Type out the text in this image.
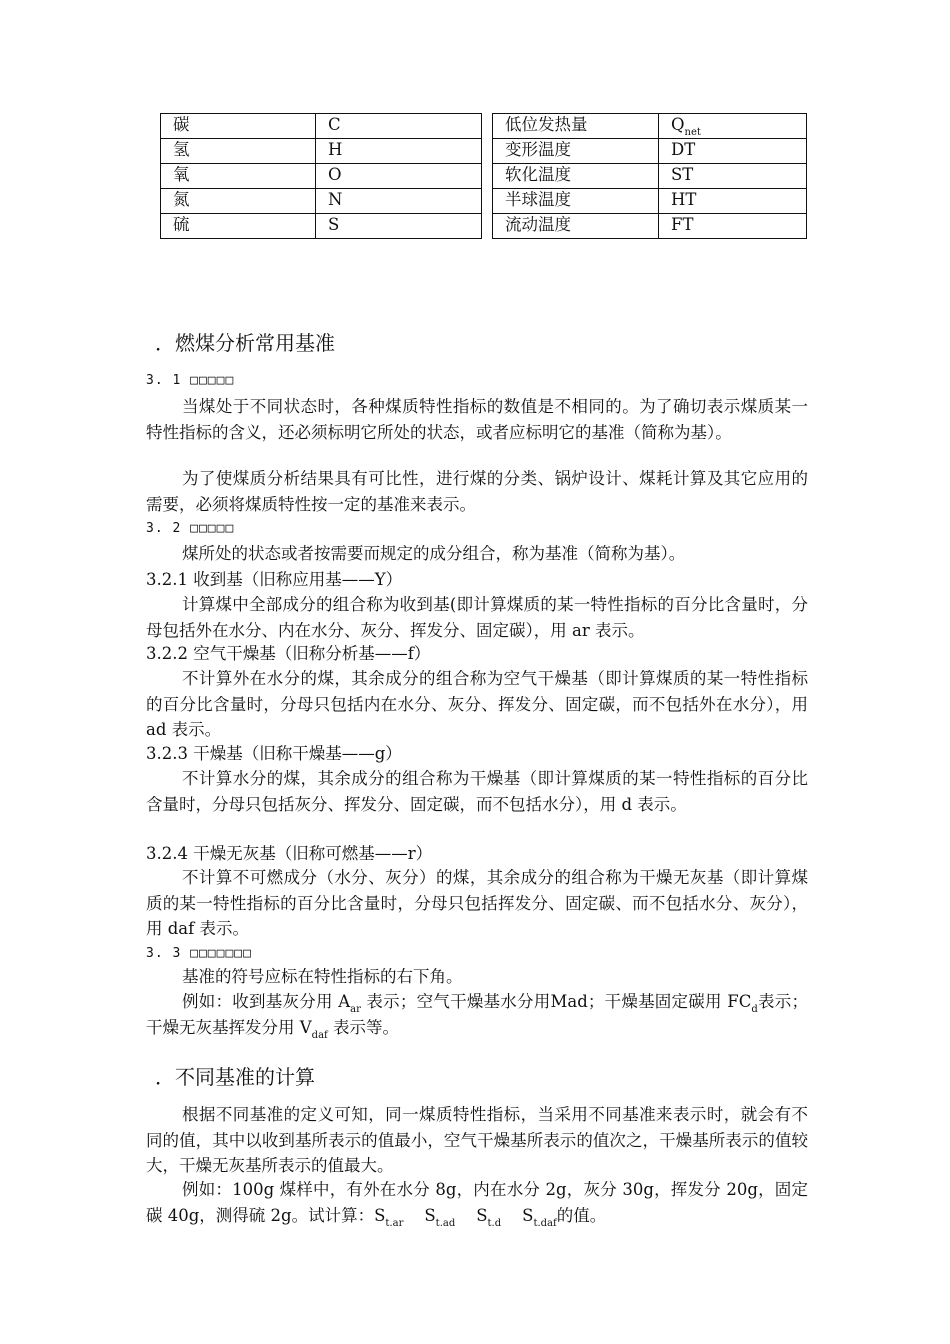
碳	C		低位发热量	$Q_{net}$
氢	H		变形温度	DT
氧	O		软化温度	ST
氮	N		半球温度	HT
硫	S		流动温度	FT
．燃煤分析常用基准
3. 1 □□□□□

当煤处于不同状态时，各种煤质特性指标的数值是不相同的。为了确切表示煤质某一特性指标的含义，还必须标明它所处的状态，或者应标明它的基准（简称为基）。

为了使煤质分析结果具有可比性，进行煤的分类、锅炉设计、煤耗计算及其它应用的需要，必须将煤质特性按一定的基准来表示。

3. 2 □□□□□

煤所处的状态或者按需要而规定的成分组合，称为基准（简称为基）。

3.2.1 收到基（旧称应用基——Y）

计算煤中全部成分的组合称为收到基(即计算煤质的某一特性指标的百分比含量时，分母包括外在水分、内在水分、灰分、挥发分、固定碳），用 ar 表示。

3.2.2 空气干燥基（旧称分析基——f）

不计算外在水分的煤，其余成分的组合称为空气干燥基（即计算煤质的某一特性指标的百分比含量时，分母只包括内在水分、灰分、挥发分、固定碳，而不包括外在水分），用 ad 表示。

3.2.3 干燥基（旧称干燥基——g）

不计算水分的煤，其余成分的组合称为干燥基（即计算煤质的某一特性指标的百分比含量时，分母只包括灰分、挥发分、固定碳，而不包括水分），用 d 表示。

3.2.4 干燥无灰基（旧称可燃基——r）

不计算不可燃成分（水分、灰分）的煤，其余成分的组合称为干燥无灰基（即计算煤质的某一特性指标的百分比含量时，分母只包括挥发分、固定碳、而不包括水分、灰分），用 daf 表示。

3. 3 □□□□□□□

基准的符号应标在特性指标的右下角。

例如：收到基灰分用 $A_{ar}$ 表示；空气干燥基水分用Mad；干燥基固定碳用 $FC_d$表示；干燥无灰基挥发分用 $V_{daf}$ 表示等。

．不同基准的计算

根据不同基准的定义可知，同一煤质特性指标，当采用不同基准来表示时，就会有不同的值，其中以收到基所表示的值最小，空气干燥基所表示的值次之，干燥基所表示的值较大，干燥无灰基所表示的值最大。

例如：100g 煤样中，有外在水分 8g，内在水分 2g，灰分 30g，挥发分 20g，固定碳 40g，测得硫 2g。试计算：$S_{t.ar}$ $S_{t.ad}$ $S_{t.d}$ $S_{t.daf}$的值。
